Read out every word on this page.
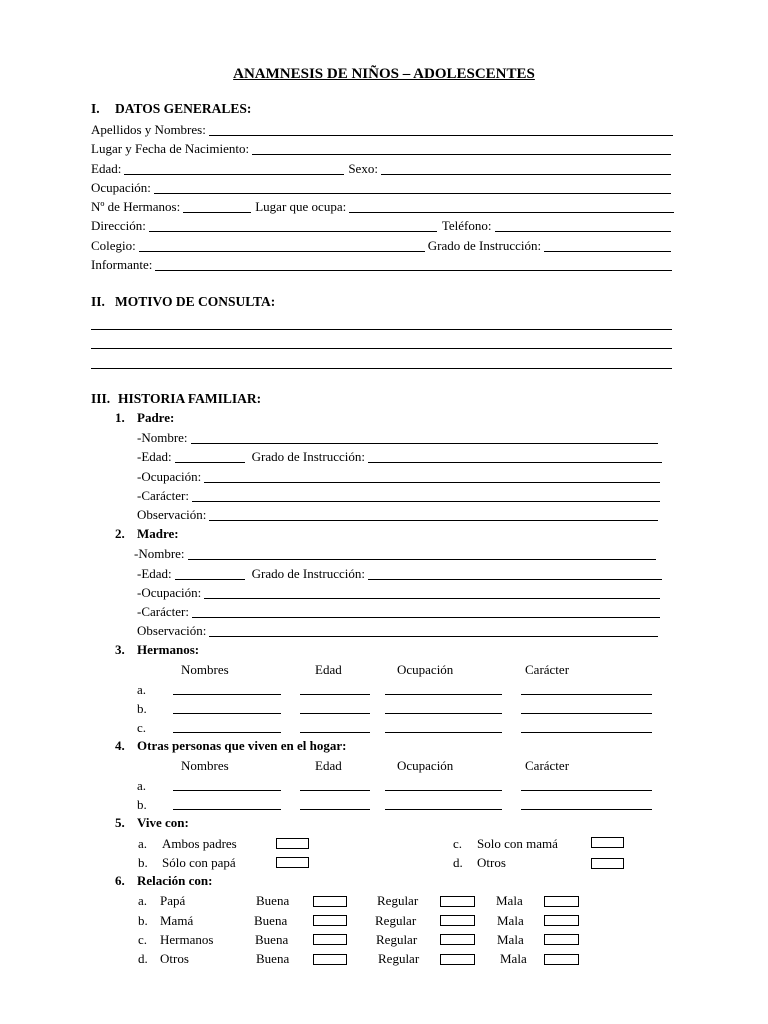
ANAMNESIS DE NIÑOS – ADOLESCENTES
I. DATOS GENERALES:
Apellidos y Nombres:
Lugar y Fecha de Nacimiento:
Edad:	Sexo:
Ocupación:
Nº de Hermanos:	Lugar que ocupa:
Dirección:	Teléfono:
Colegio:	Grado de Instrucción:
Informante:
II. MOTIVO DE CONSULTA:
III. HISTORIA FAMILIAR:
1. Padre:
-Nombre:
-Edad:	Grado de Instrucción:
-Ocupación:
-Carácter:
Observación:
2. Madre:
-Nombre:
-Edad:	Grado de Instrucción:
-Ocupación:
-Carácter:
Observación:
3. Hermanos:
Nombres	Edad	Ocupación	Carácter
a.
b.
c.
4. Otras personas que viven en el hogar:
Nombres	Edad	Ocupación	Carácter
a.
b.
5. Vive con:
a. Ambos padres
b. Sólo con papá
c. Solo con mamá
d. Otros
6. Relación con:
a. Papá	Buena	Regular	Mala
b. Mamá	Buena	Regular	Mala
c. Hermanos	Buena	Regular	Mala
d. Otros	Buena	Regular	Mala
